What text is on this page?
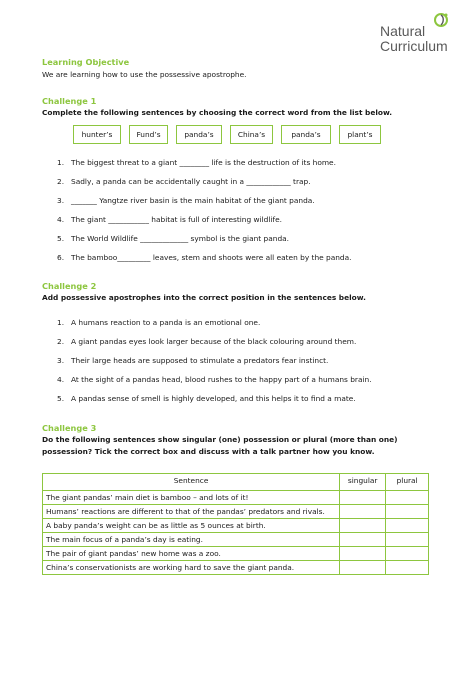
Natural
Curriculum
Learning Objective
We are learning how to use the possessive apostrophe.
Challenge 1
Complete the following sentences by choosing the correct word from the list below.
hunter’s	Fund’s	panda’s	China’s	panda’s	plant’s
1. The biggest threat to a giant ________ life is the destruction of its home.
2. Sadly, a panda can be accidentally caught in a ____________ trap.
3. _______ Yangtze river basin is the main habitat of the giant panda.
4. The giant ___________ habitat is full of interesting wildlife.
5. The World Wildlife _____________ symbol is the giant panda.
6. The bamboo_________ leaves, stem and shoots were all eaten by the panda.
Challenge 2
Add possessive apostrophes into the correct position in the sentences below.
1. A humans reaction to a panda is an emotional one.
2. A giant pandas eyes look larger because of the black colouring around them.
3. Their large heads are supposed to stimulate a predators fear instinct.
4. At the sight of a pandas head, blood rushes to the happy part of a humans brain.
5. A pandas sense of smell is highly developed, and this helps it to find a mate.
Challenge 3
Do the following sentences show singular (one) possession or plural (more than one)
possession? Tick the correct box and discuss with a talk partner how you know.
Sentence	singular	plural
The giant pandas’ main diet is bamboo – and lots of it!		
Humans’ reactions are different to that of the pandas’ predators and rivals.		
A baby panda’s weight can be as little as 5 ounces at birth.		
The main focus of a panda’s day is eating.		
The pair of giant pandas’ new home was a zoo.		
China’s conservationists are working hard to save the giant panda.		
